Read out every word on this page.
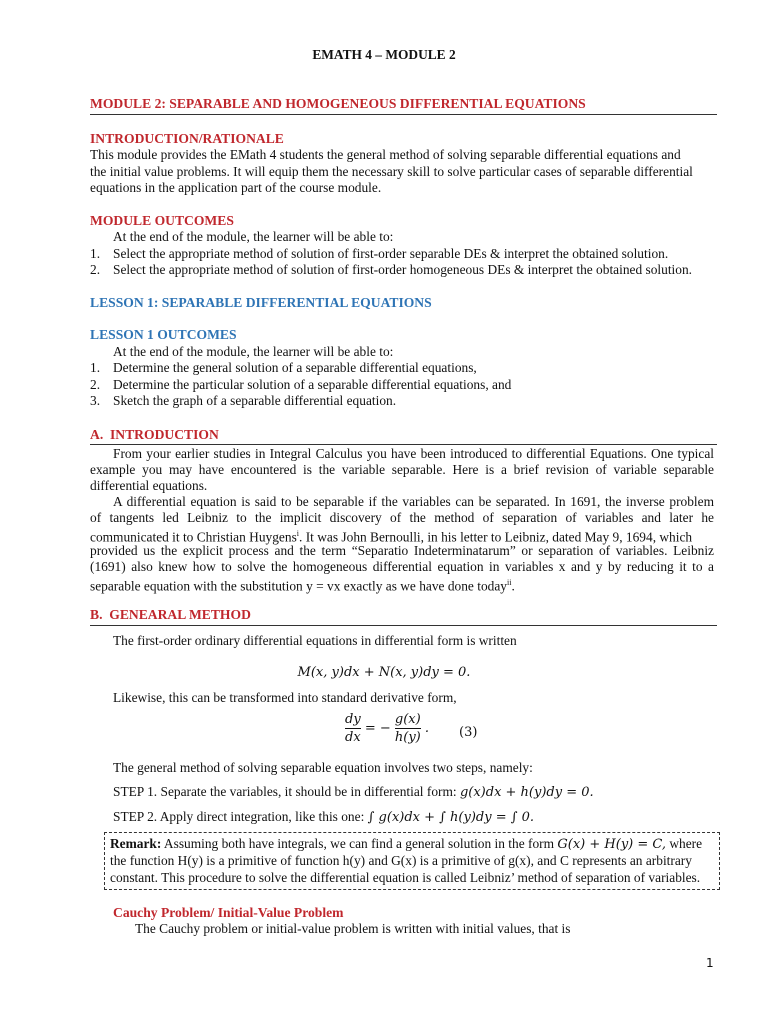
EMATH 4 – MODULE 2
MODULE 2: SEPARABLE AND HOMOGENEOUS DIFFERENTIAL EQUATIONS
INTRODUCTION/RATIONALE
This module provides the EMath 4 students the general method of solving separable differential equations and
the initial value problems. It will equip them the necessary skill to solve particular cases of separable differential
equations in the application part of the course module.
MODULE OUTCOMES
At the end of the module, the learner will be able to:
1. Select the appropriate method of solution of first-order separable DEs & interpret the obtained solution.
2. Select the appropriate method of solution of first-order homogeneous DEs & interpret the obtained solution.
LESSON 1: SEPARABLE DIFFERENTIAL EQUATIONS
LESSON 1 OUTCOMES
At the end of the module, the learner will be able to:
1. Determine the general solution of a separable differential equations,
2. Determine the particular solution of a separable differential equations, and
3. Sketch the graph of a separable differential equation.
A.  INTRODUCTION
From your earlier studies in Integral Calculus you have been introduced to differential Equations. One typical
example you may have encountered is the variable separable. Here is a brief revision of variable separable
differential equations.
A differential equation is said to be separable if the variables can be separated. In 1691, the inverse problem
of tangents led Leibniz to the implicit discovery of the method of separation of variables and later he
communicated it to Christian Huygens$^i$. It was John Bernoulli, in his letter to Leibniz, dated May 9, 1694, which
provided us the explicit process and the term “Separatio Indeterminatarum” or separation of variables. Leibniz
(1691) also knew how to solve the homogeneous differential equation in variables x and y by reducing it to a
separable equation with the substitution y = vx exactly as we have done today$^{ii}$.
B.  GENEARAL METHOD
The first-order ordinary differential equations in differential form is written
M(x, y)dx + N(x, y)dy = 0.
Likewise, this can be transformed into standard derivative form,
$\frac{dy}{dx}$ = − $\frac{g(x)}{h(y)}$ . (3)
The general method of solving separable equation involves two steps, namely:
STEP 1. Separate the variables, it should be in differential form: g(x)dx + h(y)dy = 0.
STEP 2. Apply direct integration, like this one: ∫ g(x)dx + ∫ h(y)dy = ∫ 0.
Remark: Assuming both have integrals, we can find a general solution in the form G(x) + H(y) = C, where
the function H(y) is a primitive of function h(y) and G(x) is a primitive of g(x), and C represents an arbitrary
constant. This procedure to solve the differential equation is called Leibniz’ method of separation of variables.
Cauchy Problem/ Initial-Value Problem
The Cauchy problem or initial-value problem is written with initial values, that is
1
